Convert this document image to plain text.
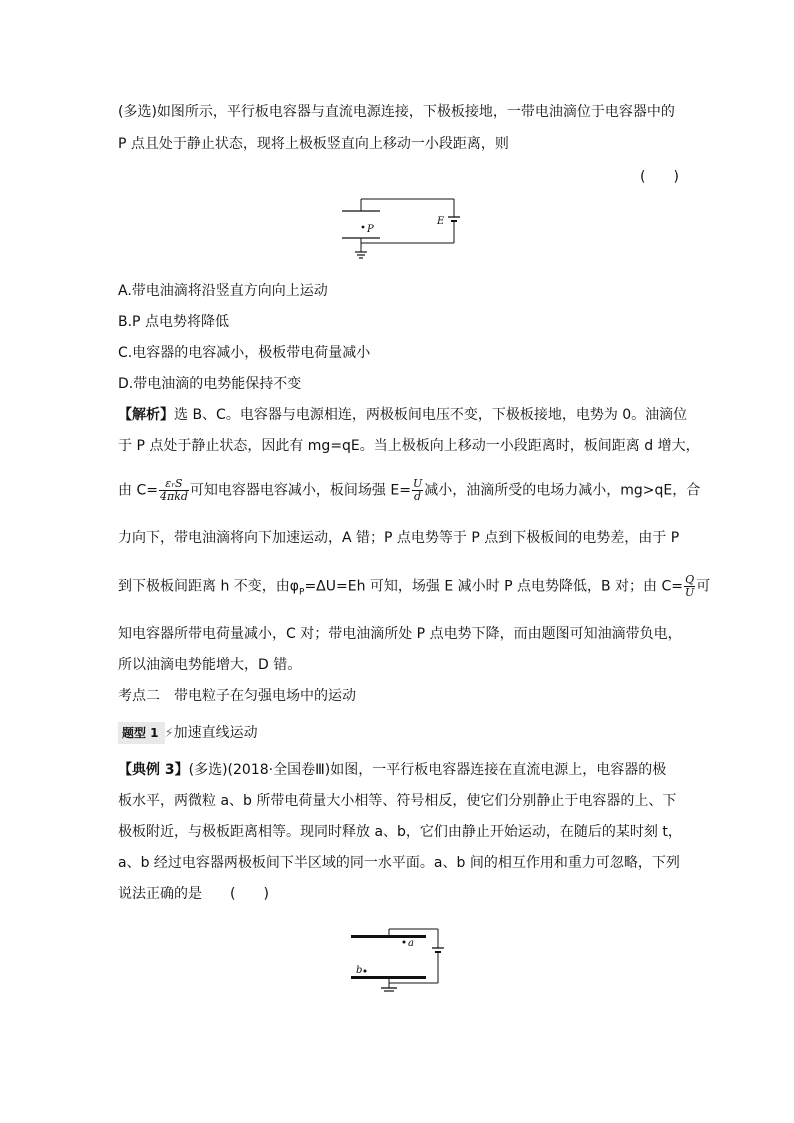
(多选)如图所示，平行板电容器与直流电源连接，下极板接地，一带电油滴位于电容器中的
P 点且处于静止状态，现将上极板竖直向上移动一小段距离，则
(　　)
E
P
A.带电油滴将沿竖直方向向上运动
B.P 点电势将降低
C.电容器的电容减小，极板带电荷量减小
D.带电油滴的电势能保持不变
【解析】选 B、C。电容器与电源相连，两极板间电压不变，下极板接地，电势为 0。油滴位
于 P 点处于静止状态，因此有 mg=qE。当上极板向上移动一小段距离时，板间距离 d 增大，
由 $C= \frac{\text{εᵣS}}{\text{4πkd}}$ 可知电容器电容减小，板间场强 $E= \frac{U}{d}$ 减小，油滴所受的电场力减小，mg>qE，合
力向下，带电油滴将向下加速运动，A 错；P 点电势等于 P 点到下极板间的电势差，由于 P
到下极板间距离 h 不变，由$\varphi_P=\Delta U=Eh$ 可知，场强 E 减小时 P 点电势降低，B 对；由 $C= \frac{Q}{U}$ 可
知电容器所带电荷量减小，C 对；带电油滴所处 P 点电势下降，而由题图可知油滴带负电，
所以油滴电势能增大，D 错。
考点二　带电粒子在匀强电场中的运动
题型 1 ⚡加速直线运动
【典例 3】(多选)(2018·全国卷Ⅲ)如图，一平行板电容器连接在直流电源上，电容器的极
板水平，两微粒 a、b 所带电荷量大小相等、符号相反，使它们分别静止于电容器的上、下
极板附近，与极板距离相等。现同时释放 a、b，它们由静止开始运动，在随后的某时刻 t，
a、b 经过电容器两极板间下半区域的同一水平面。a、b 间的相互作用和重力可忽略，下列
说法正确的是　　(　　)
a
b
